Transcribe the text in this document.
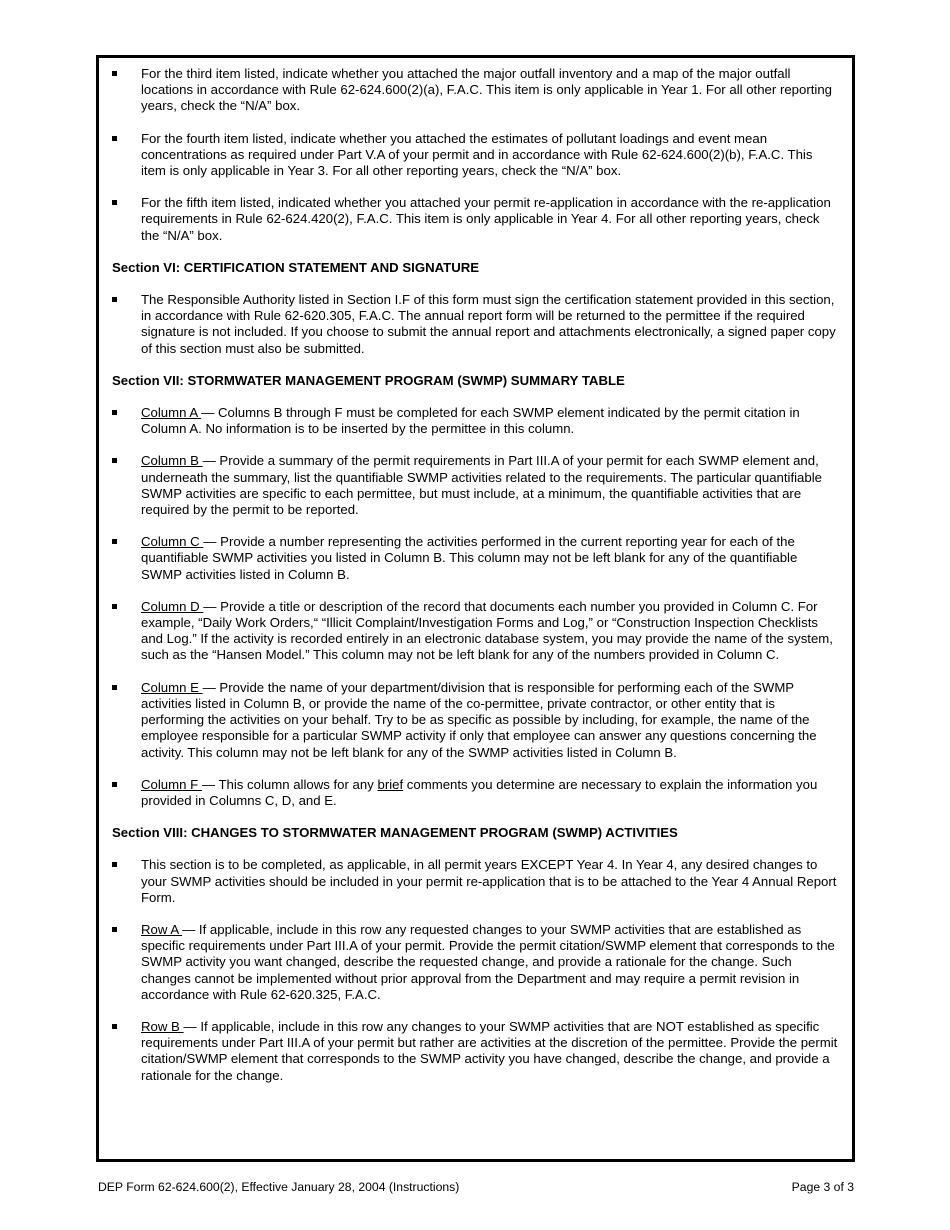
For the third item listed, indicate whether you attached the major outfall inventory and a map of the major outfall locations in accordance with Rule 62-624.600(2)(a), F.A.C. This item is only applicable in Year 1. For all other reporting years, check the “N/A” box.
For the fourth item listed, indicate whether you attached the estimates of pollutant loadings and event mean concentrations as required under Part V.A of your permit and in accordance with Rule 62-624.600(2)(b), F.A.C. This item is only applicable in Year 3. For all other reporting years, check the “N/A” box.
For the fifth item listed, indicated whether you attached your permit re-application in accordance with the re-application requirements in Rule 62-624.420(2), F.A.C. This item is only applicable in Year 4. For all other reporting years, check the “N/A” box.
Section VI: CERTIFICATION STATEMENT AND SIGNATURE
The Responsible Authority listed in Section I.F of this form must sign the certification statement provided in this section, in accordance with Rule 62-620.305, F.A.C. The annual report form will be returned to the permittee if the required signature is not included. If you choose to submit the annual report and attachments electronically, a signed paper copy of this section must also be submitted.
Section VII: STORMWATER MANAGEMENT PROGRAM (SWMP) SUMMARY TABLE
Column A — Columns B through F must be completed for each SWMP element indicated by the permit citation in Column A. No information is to be inserted by the permittee in this column.
Column B — Provide a summary of the permit requirements in Part III.A of your permit for each SWMP element and, underneath the summary, list the quantifiable SWMP activities related to the requirements. The particular quantifiable SWMP activities are specific to each permittee, but must include, at a minimum, the quantifiable activities that are required by the permit to be reported.
Column C — Provide a number representing the activities performed in the current reporting year for each of the quantifiable SWMP activities you listed in Column B. This column may not be left blank for any of the quantifiable SWMP activities listed in Column B.
Column D — Provide a title or description of the record that documents each number you provided in Column C. For example, “Daily Work Orders,“ “Illicit Complaint/Investigation Forms and Log,” or “Construction Inspection Checklists and Log.” If the activity is recorded entirely in an electronic database system, you may provide the name of the system, such as the “Hansen Model.” This column may not be left blank for any of the numbers provided in Column C.
Column E — Provide the name of your department/division that is responsible for performing each of the SWMP activities listed in Column B, or provide the name of the co-permittee, private contractor, or other entity that is performing the activities on your behalf. Try to be as specific as possible by including, for example, the name of the employee responsible for a particular SWMP activity if only that employee can answer any questions concerning the activity. This column may not be left blank for any of the SWMP activities listed in Column B.
Column F — This column allows for any brief comments you determine are necessary to explain the information you provided in Columns C, D, and E.
Section VIII: CHANGES TO STORMWATER MANAGEMENT PROGRAM (SWMP) ACTIVITIES
This section is to be completed, as applicable, in all permit years EXCEPT Year 4. In Year 4, any desired changes to your SWMP activities should be included in your permit re-application that is to be attached to the Year 4 Annual Report Form.
Row A — If applicable, include in this row any requested changes to your SWMP activities that are established as specific requirements under Part III.A of your permit. Provide the permit citation/SWMP element that corresponds to the SWMP activity you want changed, describe the requested change, and provide a rationale for the change. Such changes cannot be implemented without prior approval from the Department and may require a permit revision in accordance with Rule 62-620.325, F.A.C.
Row B — If applicable, include in this row any changes to your SWMP activities that are NOT established as specific requirements under Part III.A of your permit but rather are activities at the discretion of the permittee. Provide the permit citation/SWMP element that corresponds to the SWMP activity you have changed, describe the change, and provide a rationale for the change.
DEP Form 62-624.600(2), Effective January 28, 2004 (Instructions)	Page 3 of 3
